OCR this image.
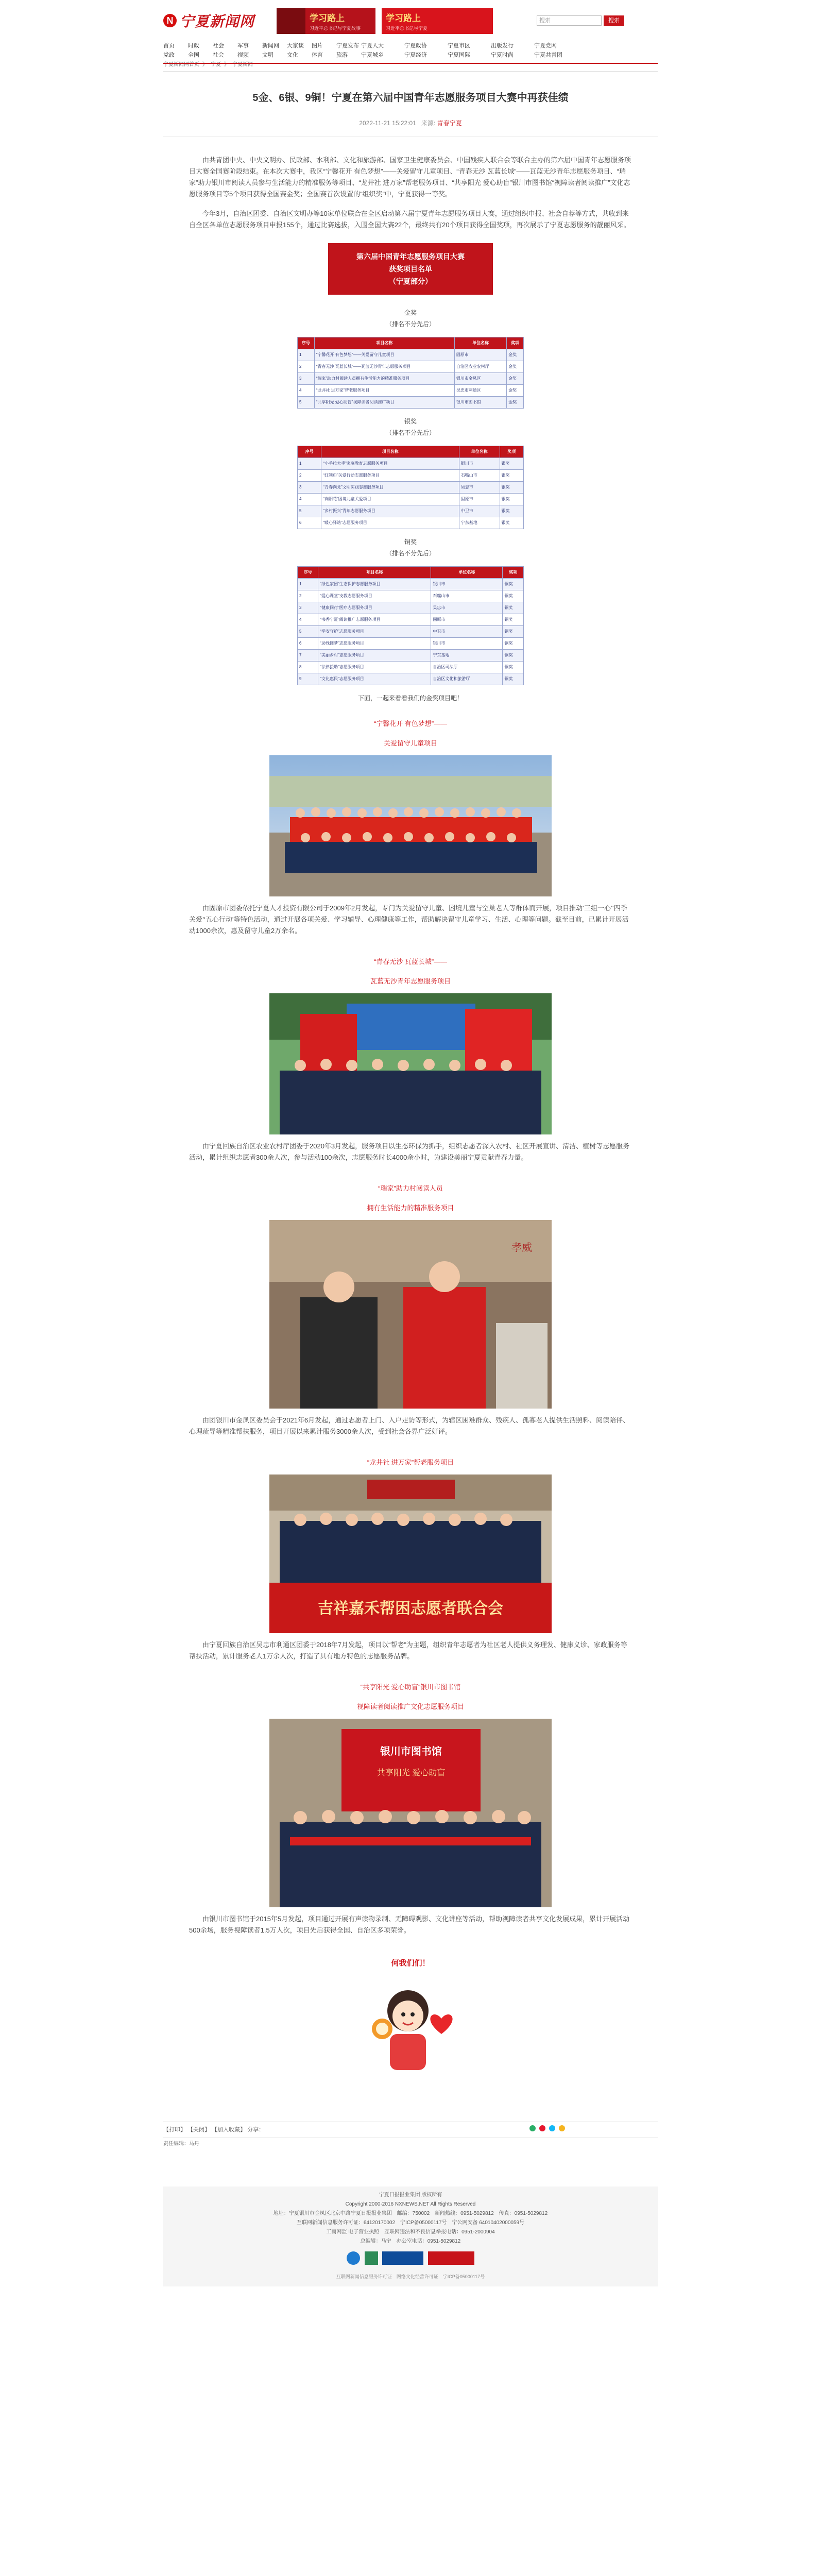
N 宁夏新闻网	学习路上
习近平总书记与宁夏故事
学习路上
习近平总书记与宁夏
搜索	搜索
首页	时政	社会	军事	新闻网	大家谈	图片	宁夏发布 宁夏人大	宁夏政协	宁夏市区	出版发行	宁夏党网
党政	全国	社会	视频	文明	文化	体育	旅游	宁夏城乡	宁夏经济	宁夏国际	宁夏时尚	宁夏共青团
宁夏新闻网首页 》 宁夏 》 宁夏新闻
5金、6银、9铜！宁夏在第六届中国青年志愿服务项目大赛中再获佳绩
2022-11-21 15:22:01 来源: 青春宁夏

由共青团中央、中央文明办、民政部、水利部、文化和旅游部、国家卫生健康委员会、中国残疾人联合会等联合主办的第六届中国青年志愿服务项目大赛全国赛阶段结束。在本次大赛中，我区“宁馨花开 有色梦想”——关爱留守儿童项目、“青春无沙 瓦蓝长城”——瓦蓝无沙青年志愿服务项目、“瑞家”助力银川市阅读人员参与生活能力的精准服务等项目、“龙井社 进万家”帮老服务项目、“共享阳光 爱心助盲”银川市图书馆“视障读者阅读推广”文化志愿服务项目等5个项目获得全国赛金奖；全国赛首次设置的“组织奖”中，宁夏获得一等奖。

今年3月，自治区团委、自治区文明办等10家单位联合在全区启动第六届宁夏青年志愿服务项目大赛，通过组织申报、社会自荐等方式，共收到来自全区各单位志愿服务项目申报155个，通过比赛选拔，入围全国大赛22个，最终共有20个项目获得全国奖项，再次展示了宁夏志愿服务的靓丽风采。

第六届中国青年志愿服务项目大赛
获奖项目名单
（宁夏部分）
金奖
（排名不分先后）
序号	项目名称	单位名称	奖项
1	“宁馨花开 有色梦想”——关爱留守儿童项目	固原市	金奖
2	“青春无沙 瓦蓝长城”——瓦蓝无沙青年志愿服务项目	自治区农业农村厅	金奖
3	“瑞家”助力村阅读人员拥有生活能力的精准服务项目	银川市金凤区	金奖
4	“龙井社 进万家”帮老服务项目	吴忠市利通区	金奖
5	“共享阳光 爱心助盲”视障读者阅读推广项目	银川市图书馆	金奖
银奖
（排名不分先后）
序号	项目名称	单位名称	奖项
1	“小手拉大手”家庭教育志愿服务项目	银川市	银奖
2	“红领巾”关爱行动志愿服务项目	石嘴山市	银奖
3	“青春向党”文明实践志愿服务项目	吴忠市	银奖
4	“向阳花”困境儿童关爱项目	固原市	银奖
5	“乡村振兴”青年志愿服务项目	中卫市	银奖
6	“暖心驿站”志愿服务项目	宁东基地	银奖
铜奖
（排名不分先后）
序号	项目名称	单位名称	奖项
1	“绿色家园”生态保护志愿服务项目	银川市	铜奖
2	“爱心课堂”支教志愿服务项目	石嘴山市	铜奖
3	“健康同行”医疗志愿服务项目	吴忠市	铜奖
4	“书香宁夏”阅读推广志愿服务项目	固原市	铜奖
5	“平安守护”志愿服务项目	中卫市	铜奖
6	“助残圆梦”志愿服务项目	银川市	铜奖
7	“美丽乡村”志愿服务项目	宁东基地	铜奖
8	“法律援助”志愿服务项目	自治区司法厅	铜奖
9	“文化惠民”志愿服务项目	自治区文化和旅游厅	铜奖
下面，一起来看看我们的金奖项目吧！
“宁馨花开 有色梦想”——
关爱留守儿童项目

由固原市团委依托宁夏人才投资有限公司于2009年2月发起，专门为关爱留守儿童、困境儿童与空巢老人等群体而开展，项目推动‘三组一心’‘四季关爱’‘五心行动’等特色活动，通过开展各项关爱、学习辅导、心理健康等工作，帮助解决留守儿童学习、生活、心理等问题。截至目前，已累计开展活动1000余次，惠及留守儿童2万余名。

“青春无沙 瓦蓝长城”——
瓦蓝无沙青年志愿服务项目

由宁夏回族自治区农业农村厅团委于2020年3月发起，服务项目以生态环保为抓手，组织志愿者深入农村、社区开展宣讲、清洁、植树等志愿服务活动，累计组织志愿者300余人次，参与活动100余次，志愿服务时长4000余小时，为建设美丽宁夏贡献青春力量。

“瑞家”助力村阅读人员
拥有生活能力的精准服务项目
孝威

由团银川市金凤区委员会于2021年6月发起，通过志愿者上门、入户走访等形式，为辖区困难群众、残疾人、孤寡老人提供生活照料、阅读陪伴、心理疏导等精准帮扶服务，项目开展以来累计服务3000余人次，受到社会各界广泛好评。

“龙井社 进万家”帮老服务项目
吉祥嘉禾帮困志愿者联合会

由宁夏回族自治区吴忠市利通区团委于2018年7月发起，项目以“帮老”为主题，组织青年志愿者为社区老人提供义务理发、健康义诊、家政服务等帮扶活动，累计服务老人1万余人次，打造了具有地方特色的志愿服务品牌。

“共享阳光 爱心助盲”银川市图书馆
视障读者阅读推广文化志愿服务项目
银川市图书馆
共享阳光 爱心助盲

由银川市图书馆于2015年5月发起，项目通过开展有声读物录制、无障碍观影、文化讲座等活动，帮助视障读者共享文化发展成果，累计开展活动500余场，服务视障读者1.5万人次，项目先后获得全国、自治区多项荣誉。

何我们们！
【打印】 【关闭】 【加入收藏】 分享：

责任编辑：马丹
宁夏日报报业集团 版权所有
Copyright 2000-2016 NXNEWS.NET All Rights Reserved
地址：宁夏银川市金凤区北京中路宁夏日报报业集团　邮编：750002　新闻热线：0951-5029812　传真：0951-5029812
互联网新闻信息服务许可证：64120170002　宁ICP备05000117号　宁公网安备 64010402000059号
工商网监 电子营业执照　互联网违法和不良信息举报电话：0951-2000904
总编辑：马宁　办公室电话：0951-5029812

互联网新闻信息服务许可证　网络文化经营许可证　宁ICP备05000117号
